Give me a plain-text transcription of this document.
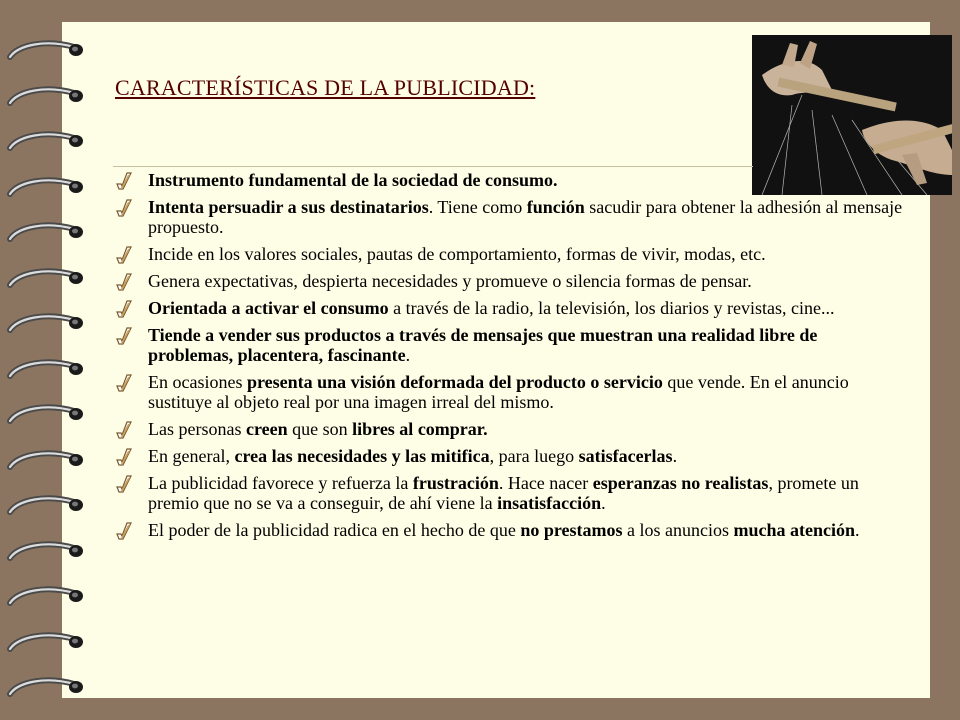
CARACTERÍSTICAS DE LA PUBLICIDAD:
Instrumento fundamental de la sociedad de consumo.
Intenta persuadir a sus destinatarios. Tiene como función sacudir para obtener la adhesión al mensaje propuesto.
Incide en los valores sociales, pautas de comportamiento, formas de vivir, modas, etc.
Genera expectativas, despierta necesidades y promueve o silencia formas de pensar.
Orientada a activar el consumo a través de la radio, la televisión, los diarios y revistas, cine...
Tiende a vender sus productos a través de mensajes que muestran una realidad libre de problemas, placentera, fascinante.
En ocasiones presenta una visión deformada del producto o servicio que vende. En el anuncio sustituye al objeto real por una imagen irreal del mismo.
Las personas creen que son libres al comprar.
En general, crea las necesidades y las mitifica, para luego satisfacerlas.
La publicidad favorece y refuerza la frustración. Hace nacer esperanzas no realistas, promete un premio que no se va a conseguir, de ahí viene la insatisfacción.
El poder de la publicidad radica en el hecho de que no prestamos a los anuncios mucha atención.
